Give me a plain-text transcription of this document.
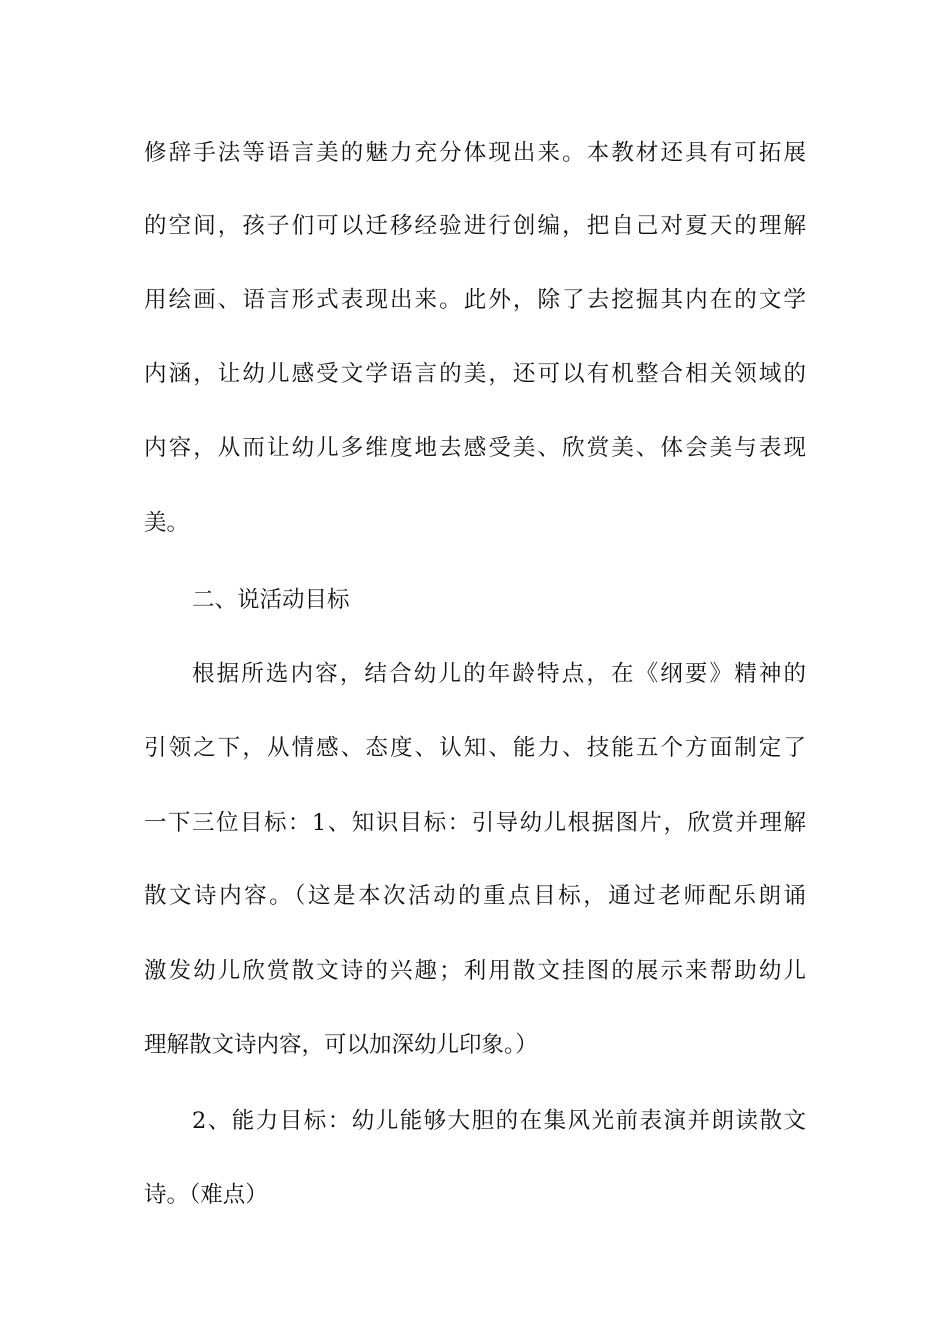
修辞手法等语言美的魅力充分体现出来。本教材还具有可拓展
的空间，孩子们可以迁移经验进行创编，把自己对夏天的理解
用绘画、语言形式表现出来。此外，除了去挖掘其内在的文学
内涵，让幼儿感受文学语言的美，还可以有机整合相关领域的
内容，从而让幼儿多维度地去感受美、欣赏美、体会美与表现
美。
二、说活动目标
根据所选内容，结合幼儿的年龄特点，在《纲要》精神的
引领之下，从情感、态度、认知、能力、技能五个方面制定了
一下三位目标：1、知识目标：引导幼儿根据图片，欣赏并理解
散文诗内容。（这是本次活动的重点目标，通过老师配乐朗诵
激发幼儿欣赏散文诗的兴趣；利用散文挂图的展示来帮助幼儿
理解散文诗内容，可以加深幼儿印象。）
2、能力目标：幼儿能够大胆的在集风光前表演并朗读散文
诗。（难点）
